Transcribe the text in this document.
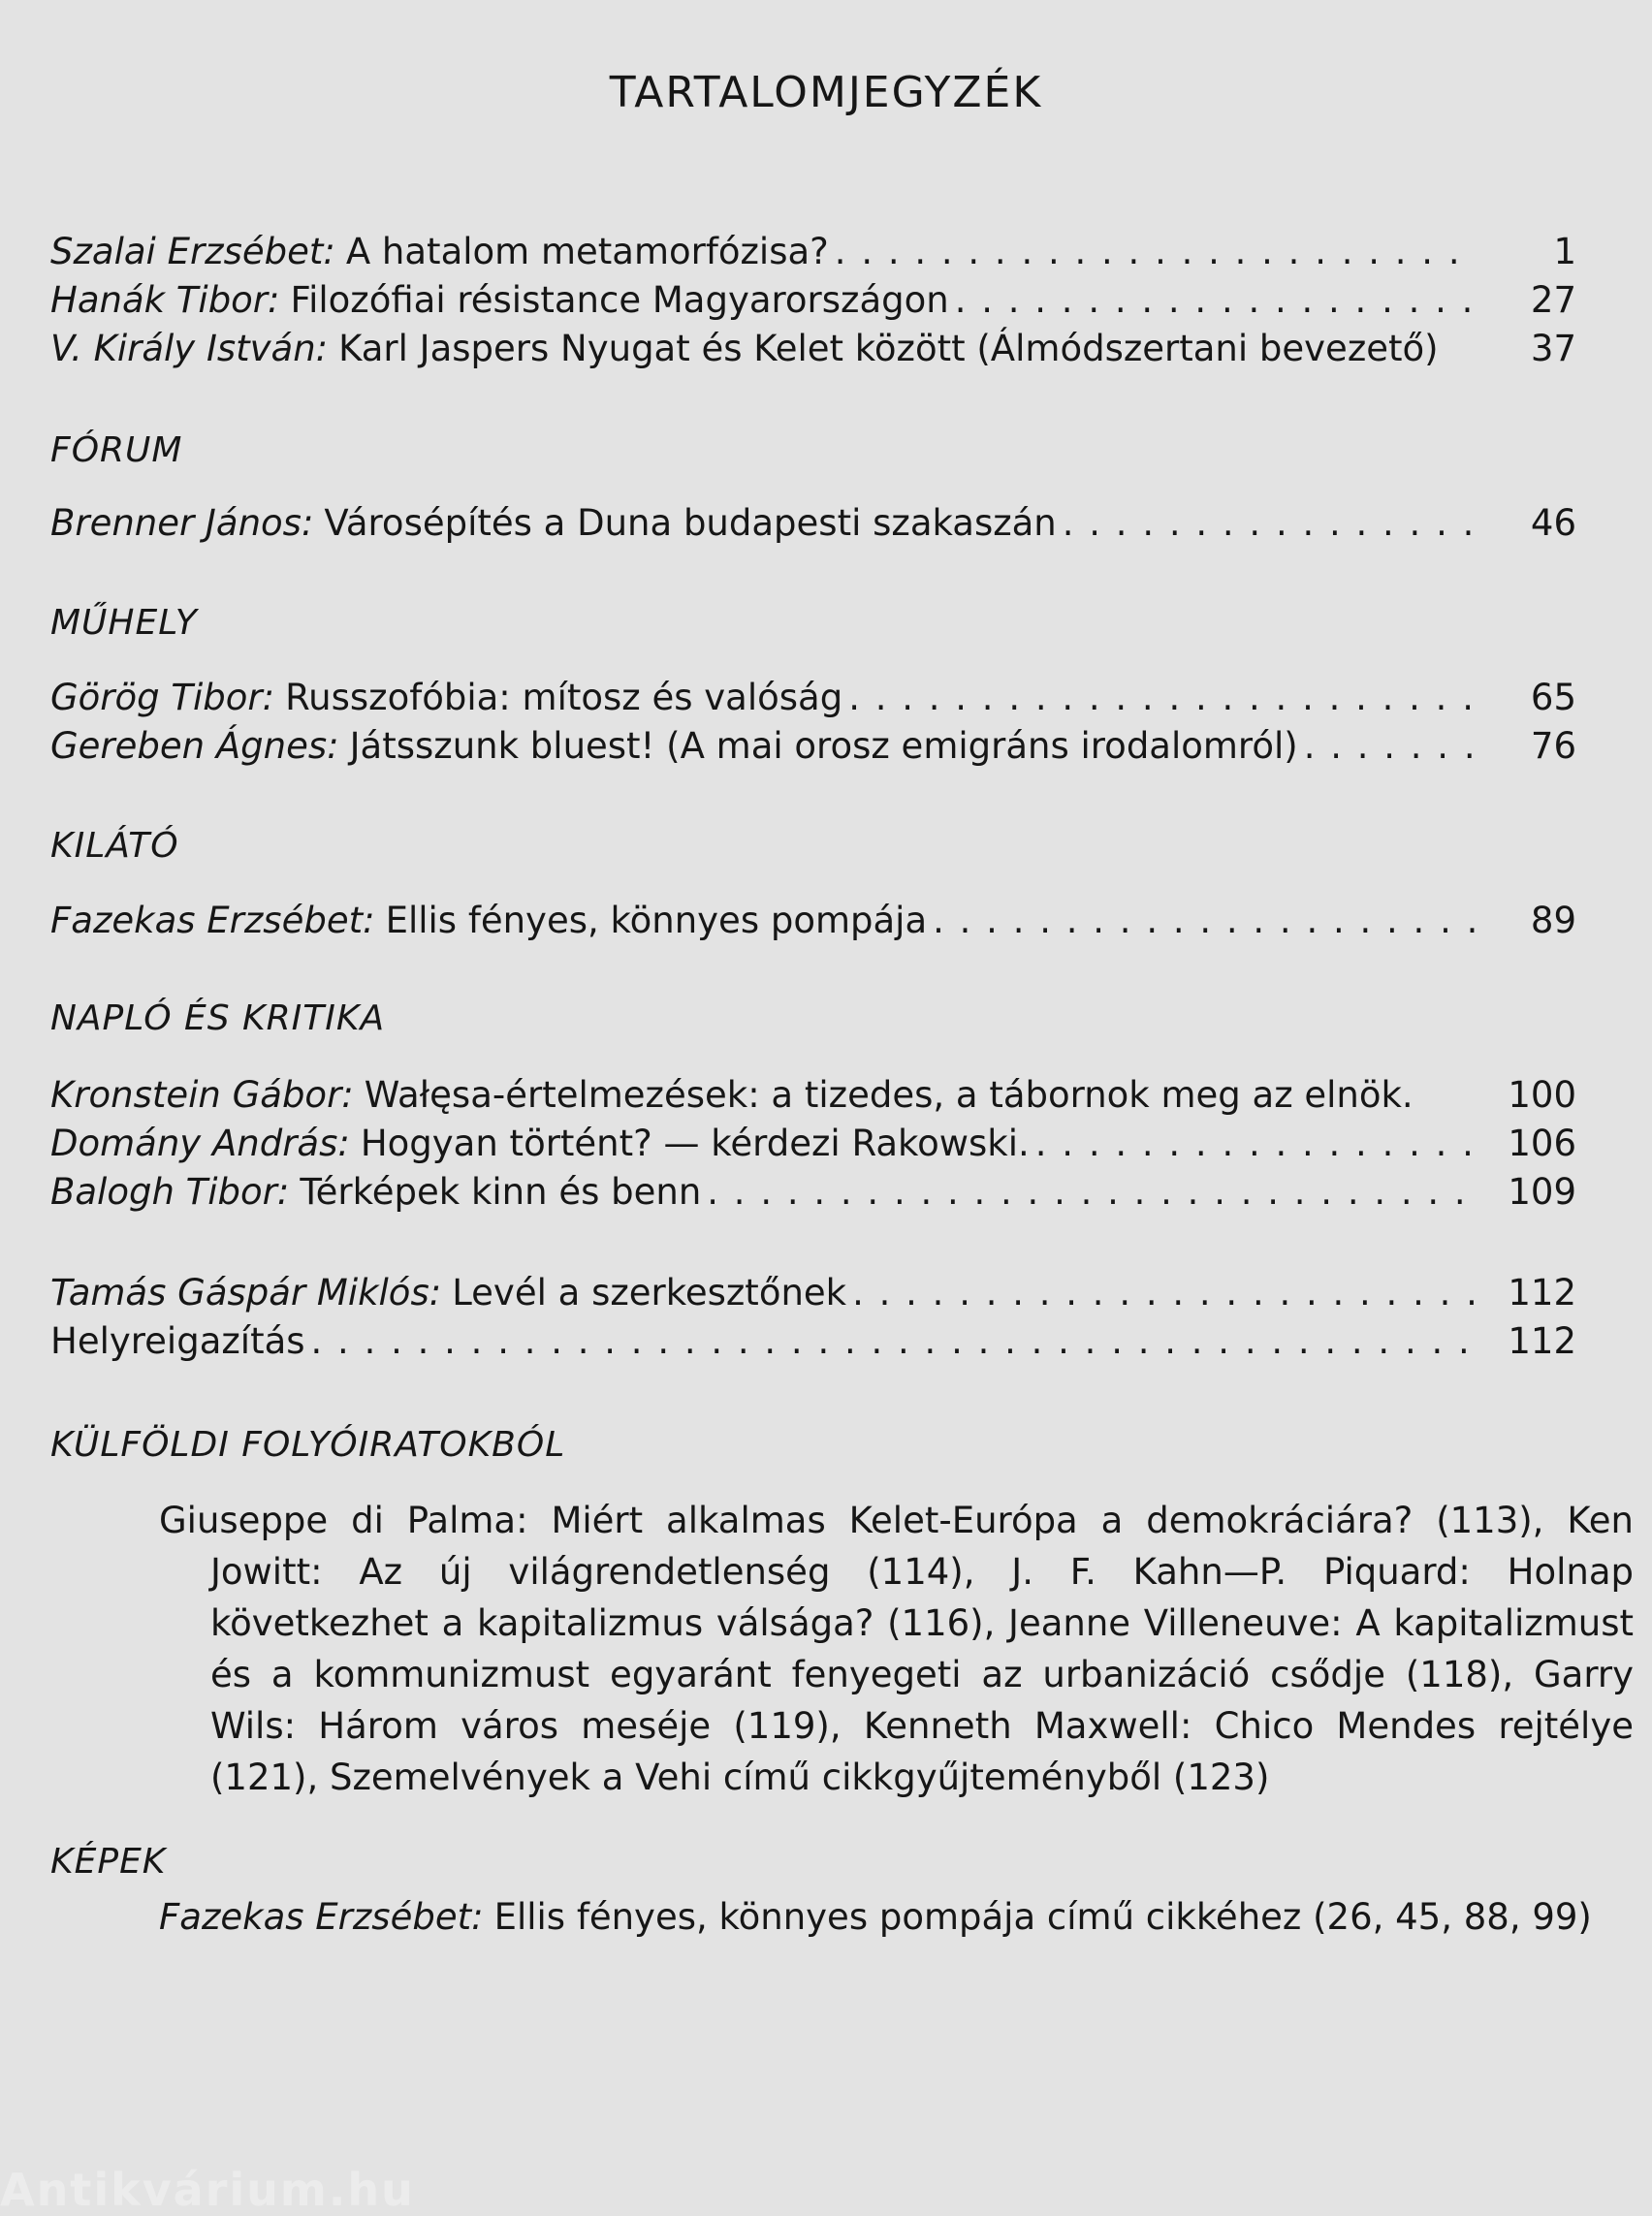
TARTALOMJEGYZÉK
Szalai Erzsébet: A hatalom metamorfózisa? . . .	1
Hanák Tibor: Filozófiai résistance Magyarországon . . .	27
V. Király István: Karl Jaspers Nyugat és Kelet között (Álmódszertani bevezető)	37
FÓRUM
Brenner János: Városépítés a Duna budapesti szakaszán . . .	46
MŰHELY
Görög Tibor: Russzofóbia: mítosz és valóság . . .	65
Gereben Ágnes: Játsszunk bluest! (A mai orosz emigráns irodalomról) . . .	76
KILÁTÓ
Fazekas Erzsébet: Ellis fényes, könnyes pompája . . .	89
NAPLÓ ÉS KRITIKA
Kronstein Gábor: Wałęsa-értelmezések: a tizedes, a tábornok meg az elnök.	100
Domány András: Hogyan történt? — kérdezi Rakowski. . . .	106
Balogh Tibor: Térképek kinn és benn . . .	109
Tamás Gáspár Miklós: Levél a szerkesztőnek . . .	112
Helyreigazítás . . .	112
KÜLFÖLDI FOLYÓIRATOKBÓL
Giuseppe di Palma: Miért alkalmas Kelet-Európa a demokráciára? (113), Ken Jowitt: Az új világrendetlenség (114), J. F. Kahn—P. Piquard: Holnap következhet a kapitalizmus válsága? (116), Jeanne Villeneuve: A kapitalizmust és a kommunizmust egyaránt fenyegeti az urbanizáció csődje (118), Garry Wils: Három város meséje (119), Kenneth Maxwell: Chico Mendes rejtélye (121), Szemelvények a Vehi című cikkgyűjteményből (123)
KÉPEK
Fazekas Erzsébet: Ellis fényes, könnyes pompája című cikkéhez (26, 45, 88, 99)
Antikvárium.hu
